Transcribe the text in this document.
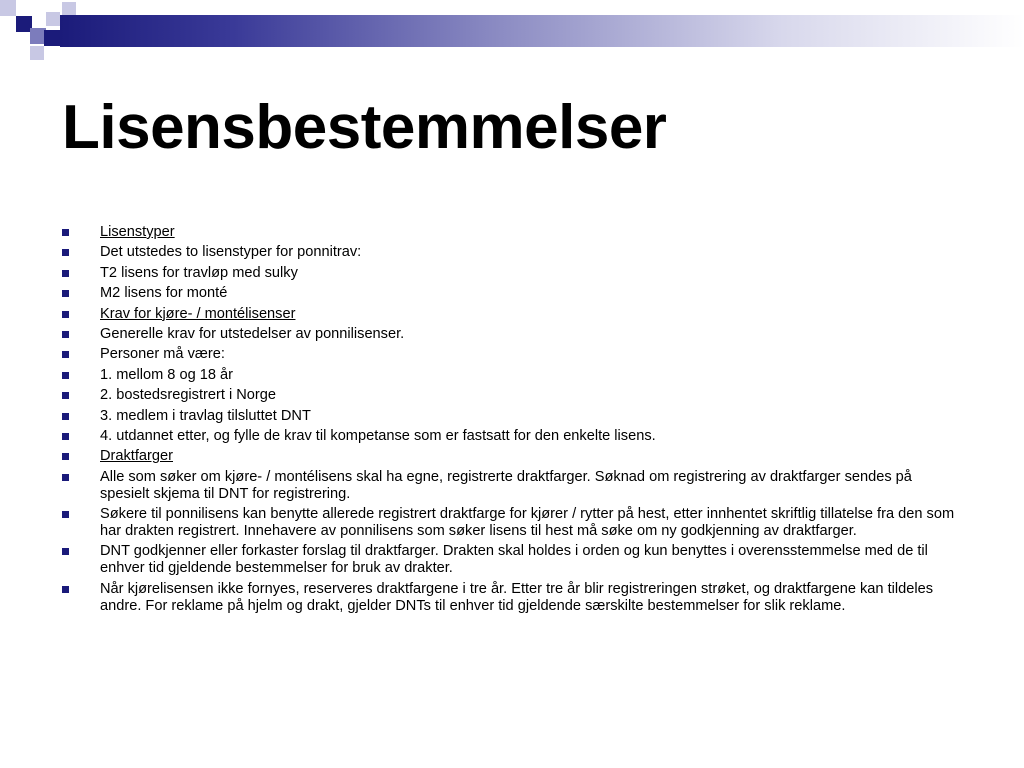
Lisensbestemmelser
Lisenstyper
Det utstedes to lisenstyper for ponnitrav:
T2 lisens for travløp med sulky
M2 lisens for monté
Krav for kjøre- / montélisenser
Generelle krav for utstedelser av ponnilisenser.
Personer må være:
1. mellom 8 og 18 år
2. bostedsregistrert i Norge
3. medlem i travlag tilsluttet DNT
4. utdannet etter, og fylle de krav til kompetanse som er fastsatt for den enkelte lisens.
Draktfarger
Alle som søker om kjøre- / montélisens skal ha egne, registrerte draktfarger. Søknad om registrering av draktfarger sendes på spesielt skjema til DNT for registrering.
Søkere til ponnilisens kan benytte allerede registrert draktfarge for kjører / rytter på hest, etter innhentet skriftlig tillatelse fra den som har drakten registrert. Innehavere av ponnilisens som søker lisens til hest må søke om ny godkjenning av draktfarger.
DNT godkjenner eller forkaster forslag til draktfarger. Drakten skal holdes i orden og kun benyttes i overensstemmelse med de til enhver tid gjeldende bestemmelser for bruk av drakter.
Når kjørelisensen ikke fornyes, reserveres draktfargene i tre år. Etter tre år blir registreringen strøket, og draktfargene kan tildeles andre. For reklame på hjelm og drakt, gjelder DNTs til enhver tid gjeldende særskilte bestemmelser for slik reklame.
